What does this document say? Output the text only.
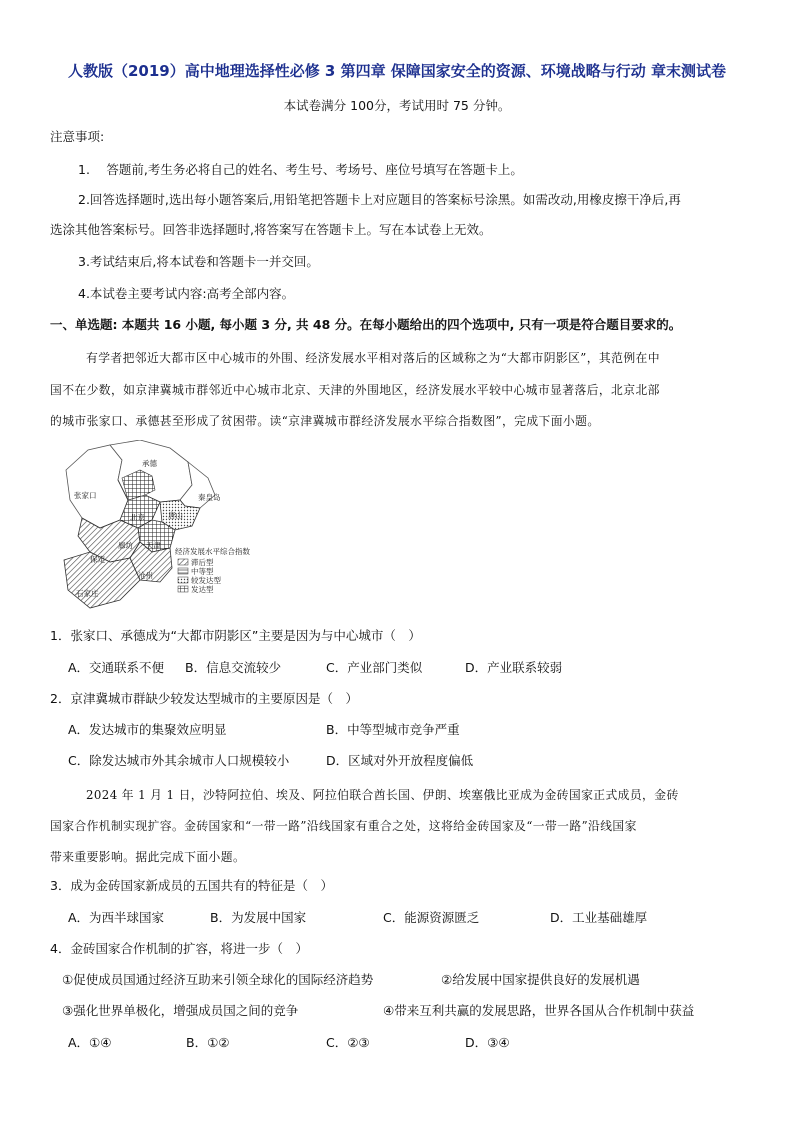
人教版（2019）高中地理选择性必修 3 第四章 保障国家安全的资源、环境战略与行动 章末测试卷
本试卷满分 100分，考试用时 75 分钟。
注意事项:
1.　 答题前,考生务必将自己的姓名、考生号、考场号、座位号填写在答题卡上。
2.回答选择题时,选出每小题答案后,用铅笔把答题卡上对应题目的答案标号涂黑。如需改动,用橡皮擦干净后,再
选涂其他答案标号。回答非选择题时,将答案写在答题卡上。写在本试卷上无效。
3.考试结束后,将本试卷和答题卡一并交回。
4.本试卷主要考试内容:高考全部内容。
一、单选题: 本题共 16 小题, 每小题 3 分, 共 48 分。在每小题给出的四个选项中, 只有一项是符合题目要求的。
有学者把邻近大都市区中心城市的外围、经济发展水平相对落后的区域称之为“大都市阴影区”，其范例在中
国不在少数，如京津冀城市群邻近中心城市北京、天津的外围地区，经济发展水平较中心城市显著落后，北京北部
的城市张家口、承德甚至形成了贫困带。读“京津冀城市群经济发展水平综合指数图”，完成下面小题。
张家口
承德
北京
秦皇岛
唐山
廊坊 天津
保定
沧州
石家庄
经济发展水平综合指数
滞后型
中等型
较发达型
发达型
1．张家口、承德成为“大都市阴影区”主要是因为与中心城市（　）
A．交通联系不便 B．信息交流较少	C．产业部门类似	D．产业联系较弱
2．京津冀城市群缺少较发达型城市的主要原因是（　）
A．发达城市的集聚效应明显	B．中等型城市竞争严重
C．除发达城市外其余城市人口规模较小	D．区域对外开放程度偏低
2024 年 1 月 1 日，沙特阿拉伯、埃及、阿拉伯联合酋长国、伊朗、埃塞俄比亚成为金砖国家正式成员，金砖
国家合作机制实现扩容。金砖国家和“一带一路”沿线国家有重合之处，这将给金砖国家及“一带一路”沿线国家
带来重要影响。据此完成下面小题。
3．成为金砖国家新成员的五国共有的特征是（　）
A．为西半球国家	B．为发展中国家	C．能源资源匮乏	D．工业基础雄厚
4．金砖国家合作机制的扩容，将进一步（　）
①促使成员国通过经济互助来引领全球化的国际经济趋势	②给发展中国家提供良好的发展机遇
③强化世界单极化，增强成员国之间的竞争	④带来互利共赢的发展思路，世界各国从合作机制中获益
A．①④	B．①②	C．②③	D．③④
